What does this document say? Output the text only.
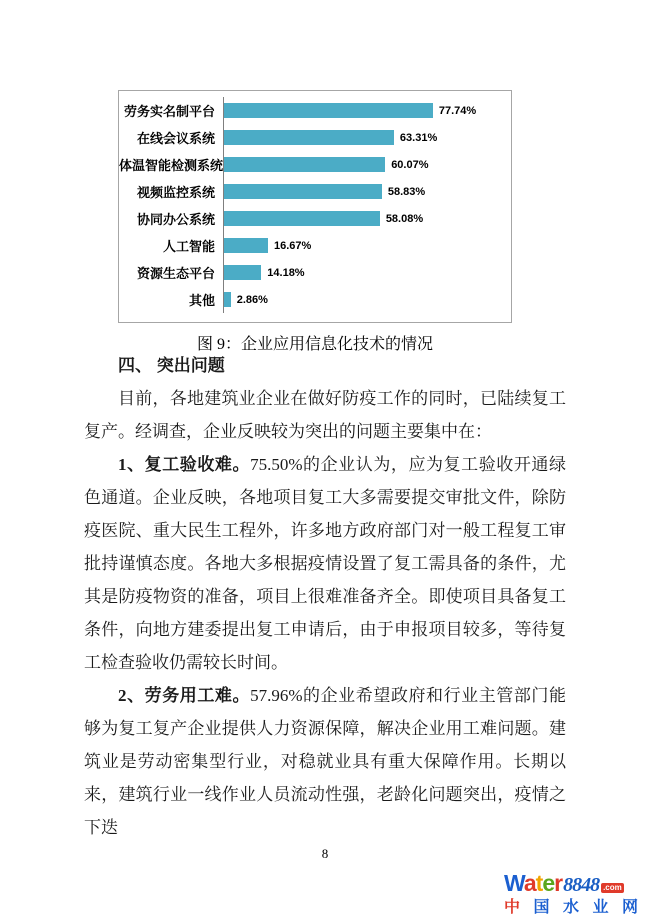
劳务实名制平台	77.74%
在线会议系统	63.31%
体温智能检测系统	60.07%
视频监控系统	58.83%
协同办公系统	58.08%
人工智能	16.67%
资源生态平台	14.18%
其他	2.86%
图 9：企业应用信息化技术的情况
四、 突出问题

目前，各地建筑业企业在做好防疫工作的同时，已陆续复工复产。经调查，企业反映较为突出的问题主要集中在：

1、复工验收难。75.50%的企业认为，应为复工验收开通绿色通道。企业反映，各地项目复工大多需要提交审批文件，除防疫医院、重大民生工程外，许多地方政府部门对一般工程复工审批持谨慎态度。各地大多根据疫情设置了复工需具备的条件，尤其是防疫物资的准备，项目上很难准备齐全。即使项目具备复工条件，向地方建委提出复工申请后，由于申报项目较多，等待复工检查验收仍需较长时间。

2、劳务用工难。57.96%的企业希望政府和行业主管部门能够为复工复产企业提供人力资源保障，解决企业用工难问题。建筑业是劳动密集型行业，对稳就业具有重大保障作用。长期以来，建筑行业一线作业人员流动性强，老龄化问题突出，疫情之下迭

8
Water 8848 .com
中 国 水 业 网
